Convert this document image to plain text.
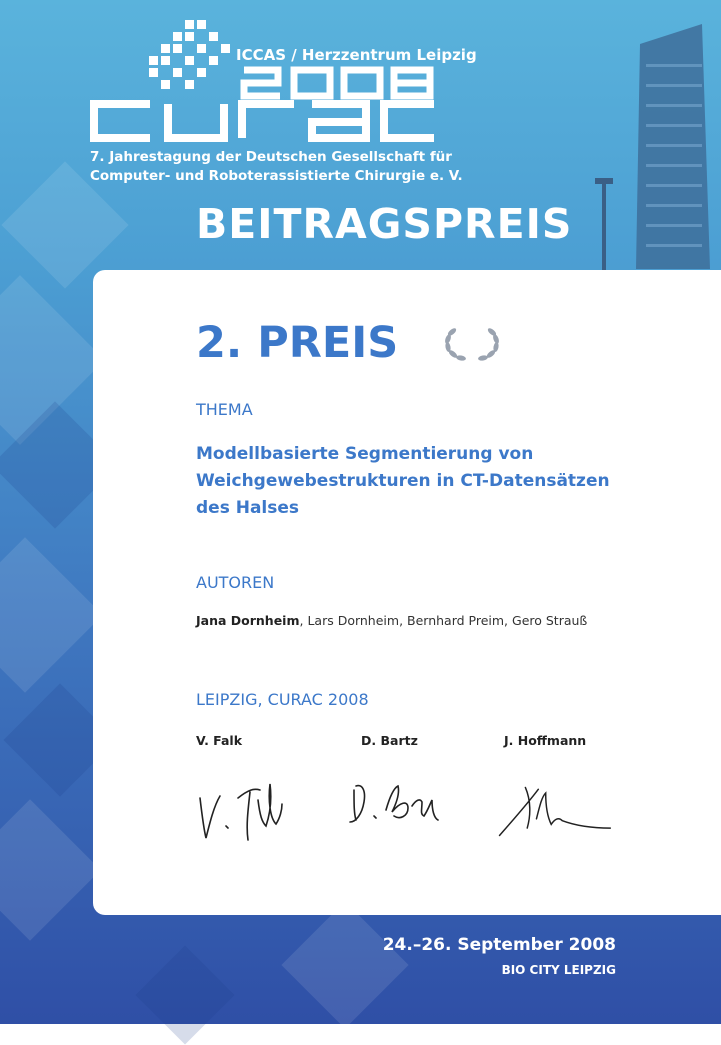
ICCAS / Herzzentrum Leipzig
2008
CURAC
7. Jahrestagung der Deutschen Gesellschaft für
Computer- und Roboterassistierte Chirurgie e. V.
BEITRAGSPREIS
2. PREIS
THEMA
Modellbasierte Segmentierung von
Weichgewebestrukturen in CT-Datensätzen
des Halses
AUTOREN
Jana Dornheim, Lars Dornheim, Bernhard Preim, Gero Strauß
LEIPZIG, CURAC 2008
V. Falk	D. Bartz	J. Hoffmann
24.–26. September 2008
BIO CITY LEIPZIG
